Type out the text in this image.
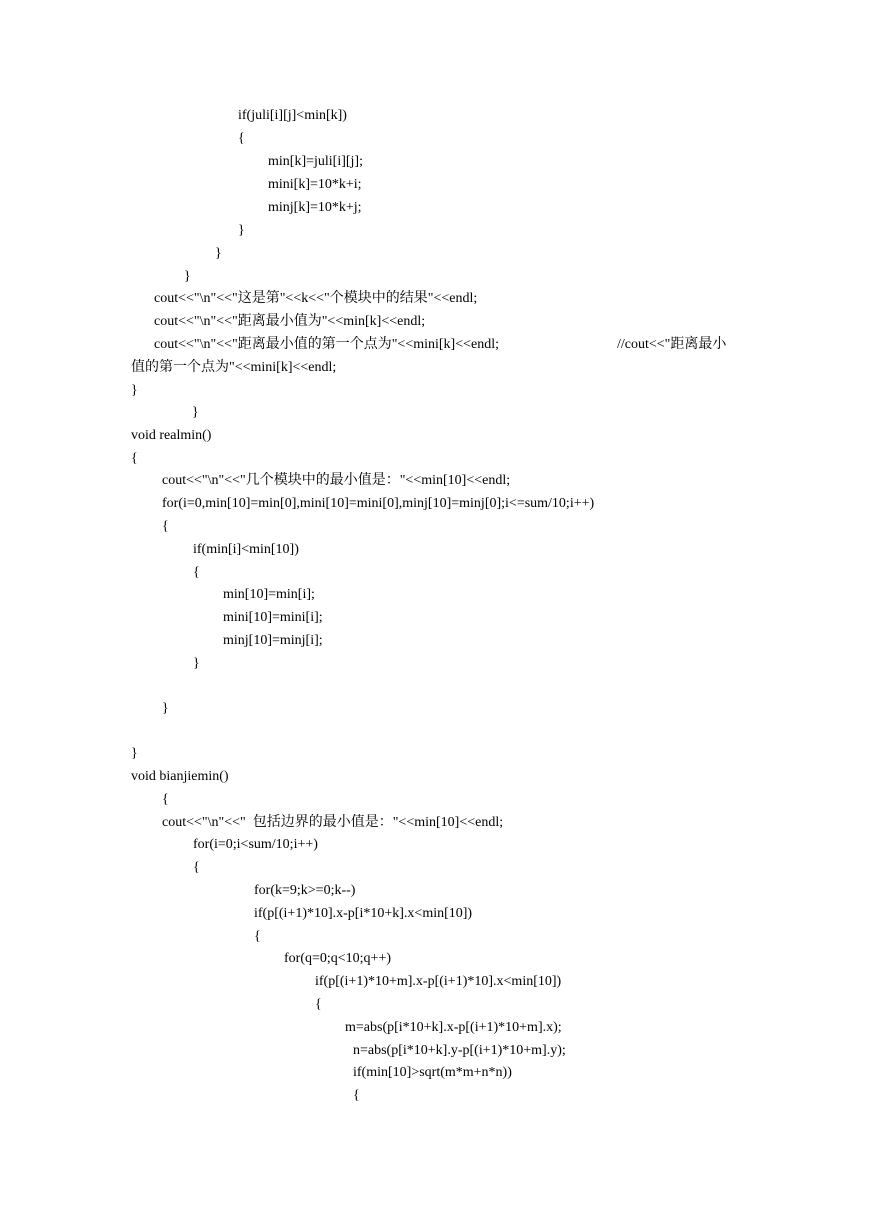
if(juli[i][j]<min[k])
{
min[k]=juli[i][j];
mini[k]=10*k+i;
minj[k]=10*k+j;
}
}
}
cout<<"\n"<<"这是第"<<k<<"个模块中的结果"<<endl;
cout<<"\n"<<"距离最小值为"<<min[k]<<endl;
cout<<"\n"<<"距离最小值的第一个点为"<<mini[k]<<endl;	//cout<<"距离最小
值的第一个点为"<<mini[k]<<endl;
}
}
void realmin()
{
cout<<"\n"<<"几个模块中的最小值是："<<min[10]<<endl;
for(i=0,min[10]=min[0],mini[10]=mini[0],minj[10]=minj[0];i<=sum/10;i++)
{
if(min[i]<min[10])
{
min[10]=min[i];
mini[10]=mini[i];
minj[10]=minj[i];
}
}
}
void bianjiemin()
{
cout<<"\n"<<"  包括边界的最小值是："<<min[10]<<endl;
for(i=0;i<sum/10;i++)
{
for(k=9;k>=0;k--)
if(p[(i+1)*10].x-p[i*10+k].x<min[10])
{
for(q=0;q<10;q++)
if(p[(i+1)*10+m].x-p[(i+1)*10].x<min[10])
{
m=abs(p[i*10+k].x-p[(i+1)*10+m].x);
n=abs(p[i*10+k].y-p[(i+1)*10+m].y);
if(min[10]>sqrt(m*m+n*n))
{
